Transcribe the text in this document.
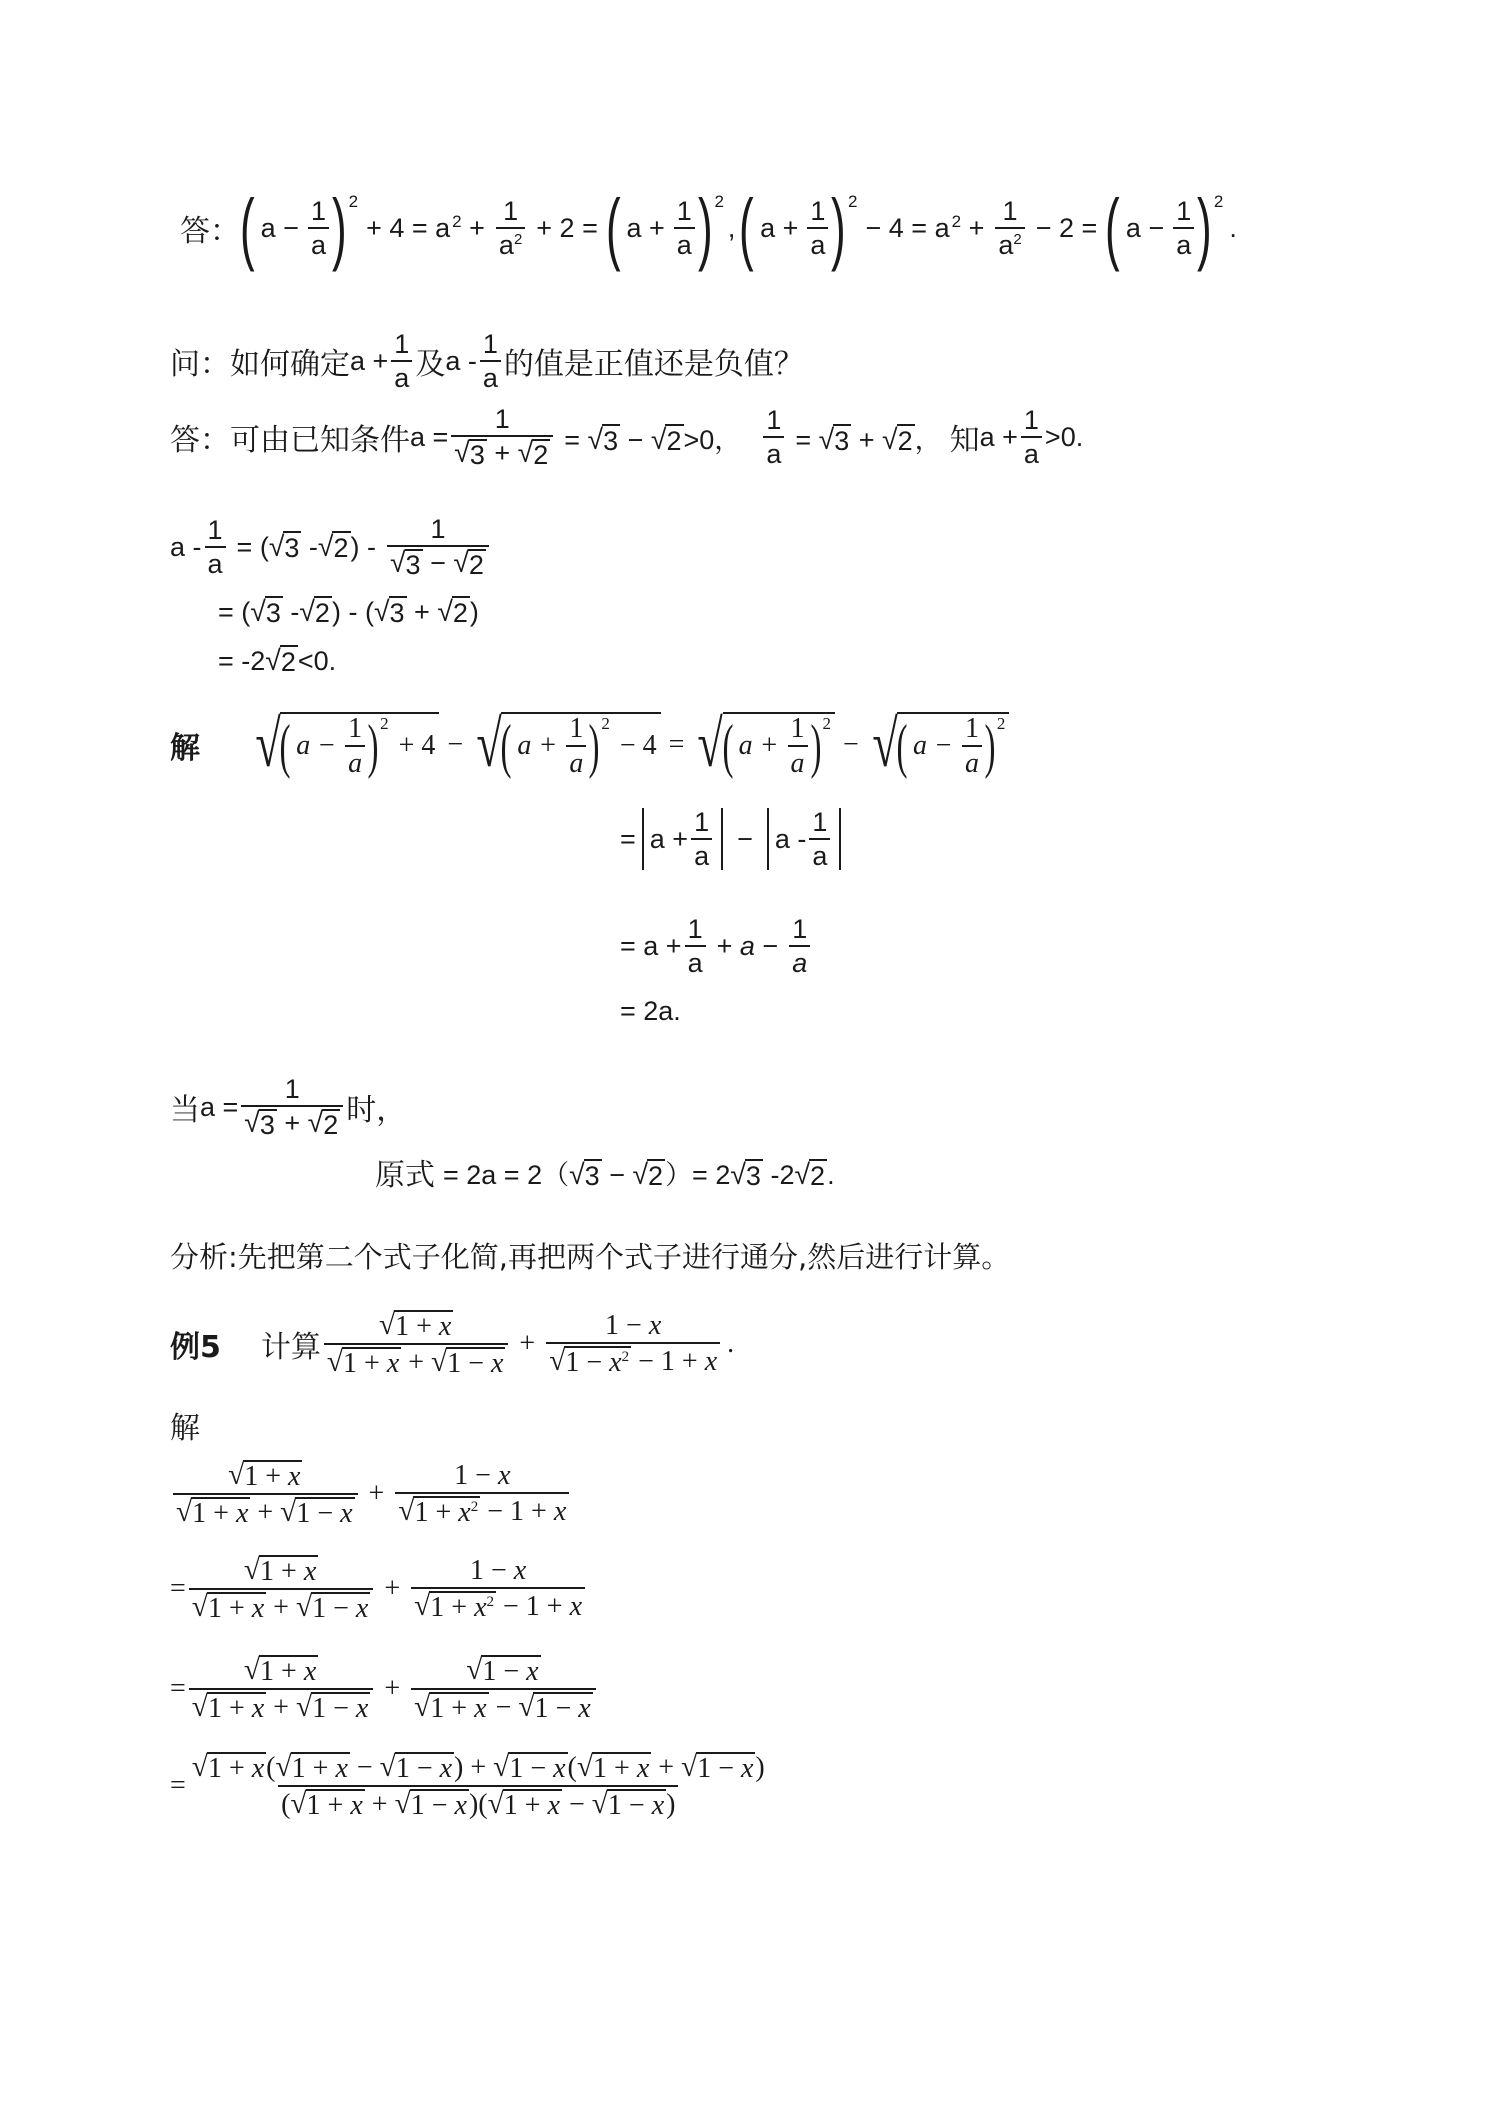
答： ( $a - \frac{1}{a}$ ) 2
+ 4 = a $^2 + \frac{1}{a^2} + 2$ = ( $a + \frac{1}{a}$ ) 2
, ( $a + \frac{1}{a}$ ) 2
− 4 = a $^2 + \frac{1}{a^2} - 2$ = ( $a - \frac{1}{a}$ ) 2
.
问：如何确定 $a + \frac{1}{a}$ 及 a - $\frac{1}{a}$ 的值是正值还是负值？
答：可由已知条件 $a = \frac{1}{√ 3 + √ 2}$ = √ 3 − √ 2 >0， $\frac{1}{a}$ = √ 3 + √ 2 ， 知 $a + \frac{1}{a} >0$.
a - $\frac{1}{a}$ = ( √ 3 - √ 2 ) - $\frac{1}{√ 3 - √ 2}$
= ( √ 3 - √ 2 ) - ( √ 3 + √ 2 )
= -2 √ 2 <0.
解 √
( $a - \frac{1}{a}$ ) 2
+ 4 − √
( $a + \frac{1}{a}$ ) 2
− 4 = √
( $a + \frac{1}{a}$ ) 2
− √
( $a - \frac{1}{a}$ ) 2
= $a + \frac{1}{a} - a - \frac{1}{a}$
= $a + \frac{1}{a} + a - \frac{1}{a}$
= 2a.
当 $a = \frac{1}{√ 3 + √ 2}$ 时，
原式 = 2a = 2（ √ 3 − √ 2 ）= 2 √ 3 -2 √ 2 .
分析:先把第二个式子化简,再把两个式子进行通分,然后进行计算。
例5 计算 $\frac{√ 1 + x}{√ 1 + x + √ 1 - x} + \frac{1 - x}{√ 1 - x^2 - 1 + x}$ .
解
$\frac{√ 1 + x}{√ 1 + x + √ 1 - x} + \frac{1 - x}{√ 1 + x^2 - 1 + x}$
= $\frac{√ 1 + x}{√ 1 + x + √ 1 - x} + \frac{1 - x}{√ 1 + x^2 - 1 + x}$
= $\frac{√ 1 + x}{√ 1 + x + √ 1 - x} + \frac{√ 1 - x}{√ 1 + x - √ 1 - x}$
= $\frac{√ 1 + x ( √ 1 + x - √ 1 - x ) + √ 1 - x ( √ 1 + x + √ 1 - x )}{( √ 1 + x + √ 1 - x )( √ 1 + x - √ 1 - x )}$
